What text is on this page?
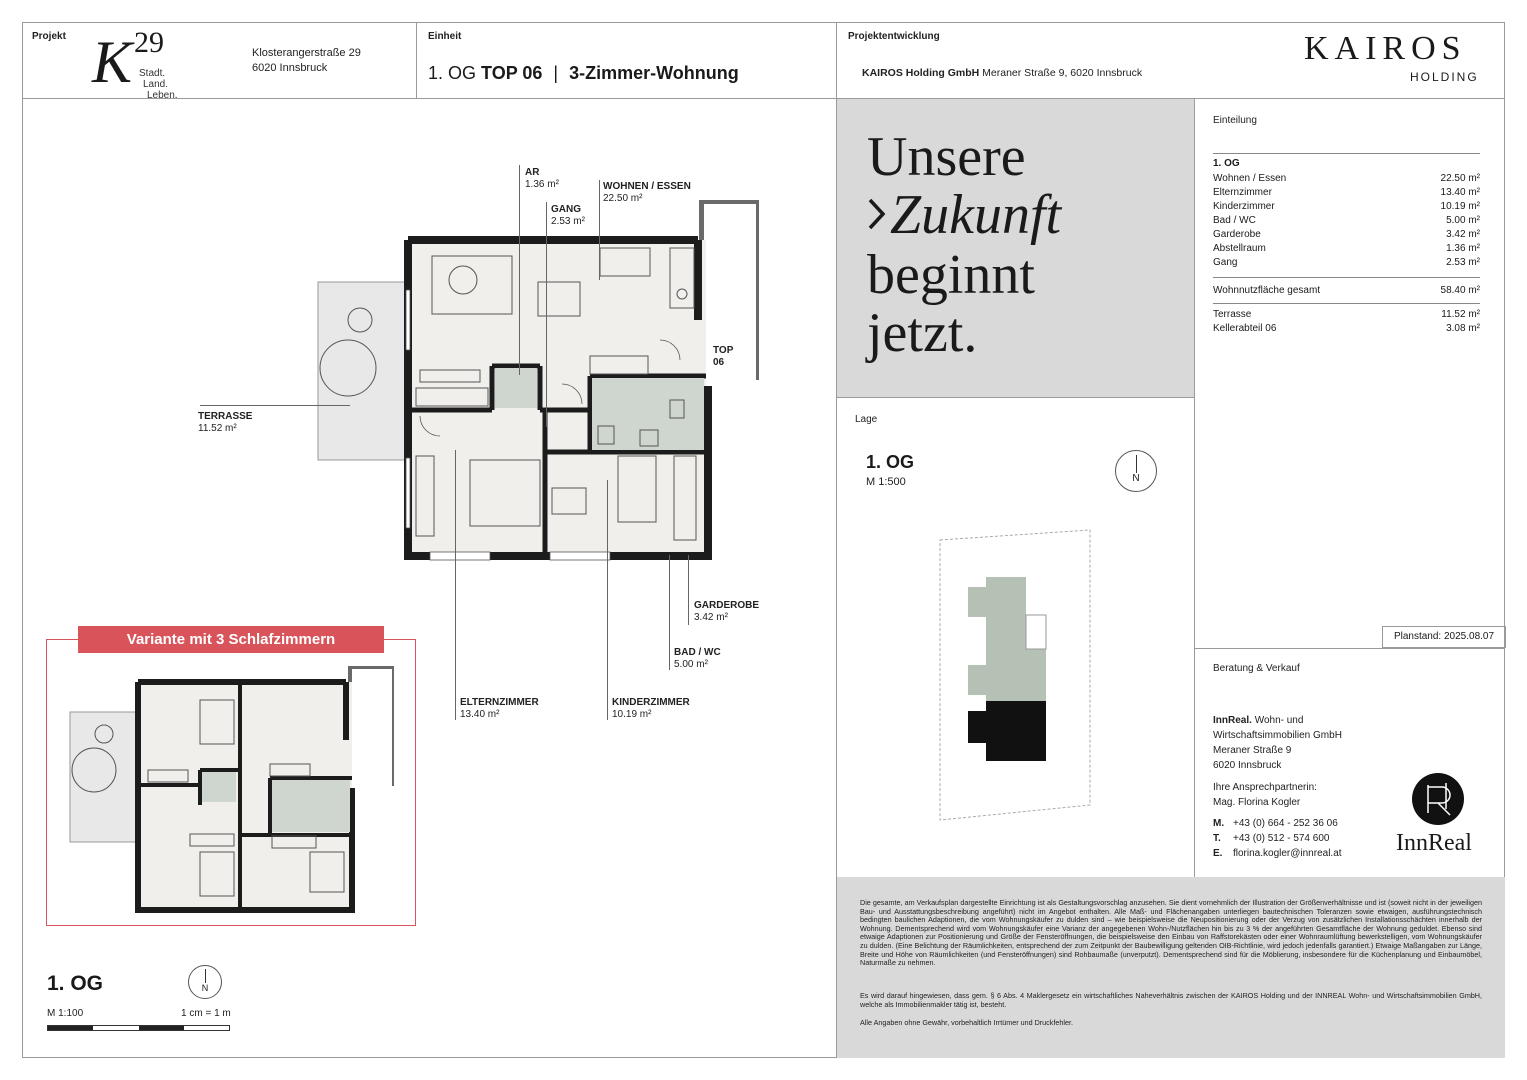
Projekt K 29
Stadt.
Land.
Leben.
Klosterangerstraße 29
6020 Innsbruck
Einheit
1. OG TOP 06 | 3-Zimmer-Wohnung
Projektentwicklung
KAIROS Holding GmbH Meraner Straße 9, 6020 Innsbruck
KAIROS
HOLDING
AR
1.36 m²	WOHNEN / ESSEN
22.50 m²
GANG
2.53 m²
TOP
06
TERRASSE
11.52 m²
GARDEROBE
3.42 m²
BAD / WC
5.00 m²
ELTERNZIMMER
13.40 m²
KINDERZIMMER
10.19 m²
Variante mit 3 Schlafzimmern
1. OG
M 1:100	1 cm = 1 m
N
Unsere
Zukunft
beginnt
jetzt.
Lage
1. OG
M 1:500	N
Einteilung
1. OG
Wohnen / Essen	22.50 m²
Elternzimmer	13.40 m²
Kinderzimmer	10.19 m²
Bad / WC	5.00 m²
Garderobe	3.42 m²
Abstellraum	1.36 m²
Gang	2.53 m²
Wohnnutzfläche gesamt	58.40 m²
Terrasse	11.52 m²
Kellerabteil 06	3.08 m²
Planstand: 2025.08.07
Beratung & Verkauf
InnReal. Wohn- und
Wirtschaftsimmobilien GmbH
Meraner Straße 9
6020 Innsbruck
Ihre Ansprechpartnerin:
Mag. Florina Kogler
M. +43 (0) 664 - 252 36 06
T. +43 (0) 512 - 574 600
E. florina.kogler@innreal.at InnReal
Die gesamte, am Verkaufsplan dargestellte Einrichtung ist als Gestaltungsvorschlag anzusehen. Sie dient vornehmlich der Illustration der Größenverhältnisse und ist (soweit nicht in der jeweiligen Bau- und Ausstattungsbeschreibung angeführt) nicht im Angebot enthalten. Alle Maß- und Flächenangaben unterliegen bautechnischen Toleranzen sowie etwaigen, ausführungstechnisch bedingten baulichen Adaptionen, die vom Wohnungskäufer zu dulden sind – wie beispielsweise die Neupositionierung oder der Verzug von zusätzlichen Installationsschächten innerhalb der Wohnung. Dementsprechend wird vom Wohnungskäufer eine Varianz der angegebenen Wohn-/Nutzflächen hin bis zu 3 % der angeführten Gesamtfläche der Wohnung geduldet. Ebenso sind etwaige Adaptionen zur Positionierung und Größe der Fensteröffnungen, die beispielsweise den Einbau von Raffstorekästen oder einer Wohnraumlüftung bewerkstelligen, vom Wohnungskäufer zu dulden. (Eine Belichtung der Räumlichkeiten, entsprechend der zum Zeitpunkt der Baubewilligung geltenden OIB-Richtlinie, wird jedoch jedenfalls garantiert.) Etwaige Maßangaben zur Länge, Breite und Höhe von Räumlichkeiten (und Fensteröffnungen) sind Rohbaumaße (unverputzt). Dementsprechend sind für die Möblierung, insbesondere für die Küchenplanung und Einbaumöbel, Naturmaße zu nehmen.
Es wird darauf hingewiesen, dass gem. § 6 Abs. 4 Maklergesetz ein wirtschaftliches Naheverhältnis zwischen der KAIROS Holding und der INNREAL Wohn- und Wirtschaftsimmobilien GmbH, welche als Immobilienmakler tätig ist, besteht.
Alle Angaben ohne Gewähr, vorbehaltlich Irrtümer und Druckfehler.
